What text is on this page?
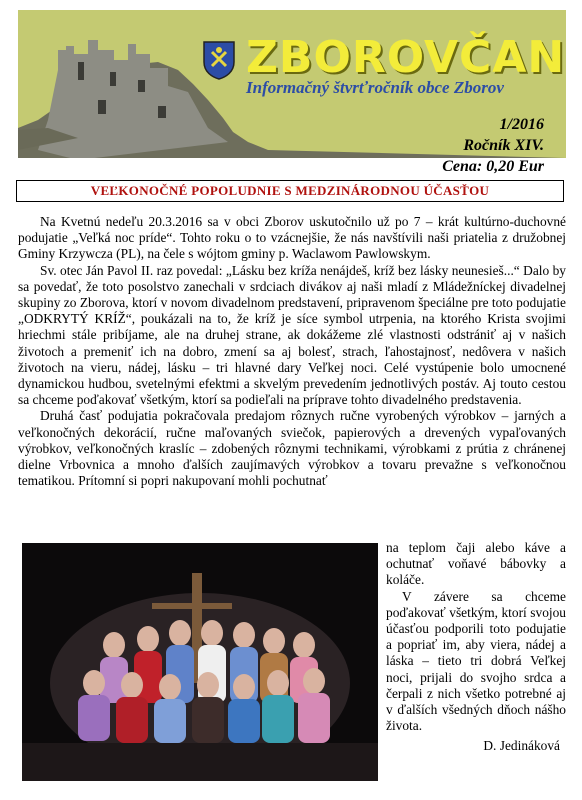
ZBOROVČAN
Informačný štvrťročník obce Zborov
1/2016
Ročník XIV.
Cena: 0,20 Eur
VEĽKONOČNÉ POPOLUDNIE S MEDZINÁRODNOU ÚČASŤOU

Na Kvetnú nedeľu 20.3.2016 sa v obci Zborov uskutočnilo už po 7 – krát kultúrno-duchovné podujatie „Veľká noc príde“. Tohto roku o to vzácnejšie, že nás navštívili naši priatelia z družobnej Gminy Krzywcza (PL), na čele s wójtom gminy p. Waclawom Pawlowskym.

Sv. otec Ján Pavol II. raz povedal: „Lásku bez kríža nenájdeš, kríž bez lásky neunesieš...“ Dalo by sa povedať, že toto posolstvo zanechali v srdciach divákov aj naši mladí z Mládežníckej divadelnej skupiny zo Zborova, ktorí v novom divadelnom predstavení, pripravenom špeciálne pre toto podujatie „ODKRYTÝ KRÍŽ“, poukázali na to, že kríž je síce symbol utrpenia, na ktorého Krista svojimi hriechmi stále pribíjame, ale na druhej strane, ak dokážeme zlé vlastnosti odstrániť aj v našich životoch a premeniť ich na dobro, zmení sa aj bolesť, strach, ľahostajnosť, nedôvera v našich životoch na vieru, nádej, lásku – tri hlavné dary Veľkej noci. Celé vystúpenie bolo umocnené dynamickou hudbou, svetelnými efektmi a skvelým prevedením jednotlivých postáv. Aj touto cestou sa chceme poďakovať všetkým, ktorí sa podieľali na príprave tohto divadelného predstavenia.

Druhá časť podujatia pokračovala predajom rôznych ručne vyrobených výrobkov – jarných a veľkonočných dekorácií, ručne maľovaných sviečok, papierových a drevených vypaľovaných výrobkov, veľkonočných kraslíc – zdobených rôznymi technikami, výrobkami z prútia z chránenej dielne Vrbovnica a mnoho ďalších zaujímavých výrobkov a tovaru prevažne s veľkonočnou tematikou. Prítomní si popri nakupovaní mohli pochutnať

na teplom čaji alebo káve a ochutnať voňavé bábovky a koláče.

V závere sa chceme poďakovať všetkým, ktorí svojou účasťou podporili toto podujatie a popriať im, aby viera, nádej a láska – tieto tri dobrá Veľkej noci, prijali do svojho srdca a čerpali z nich všetko potrebné aj v ďalších všedných dňoch nášho života.

D. Jedináková
